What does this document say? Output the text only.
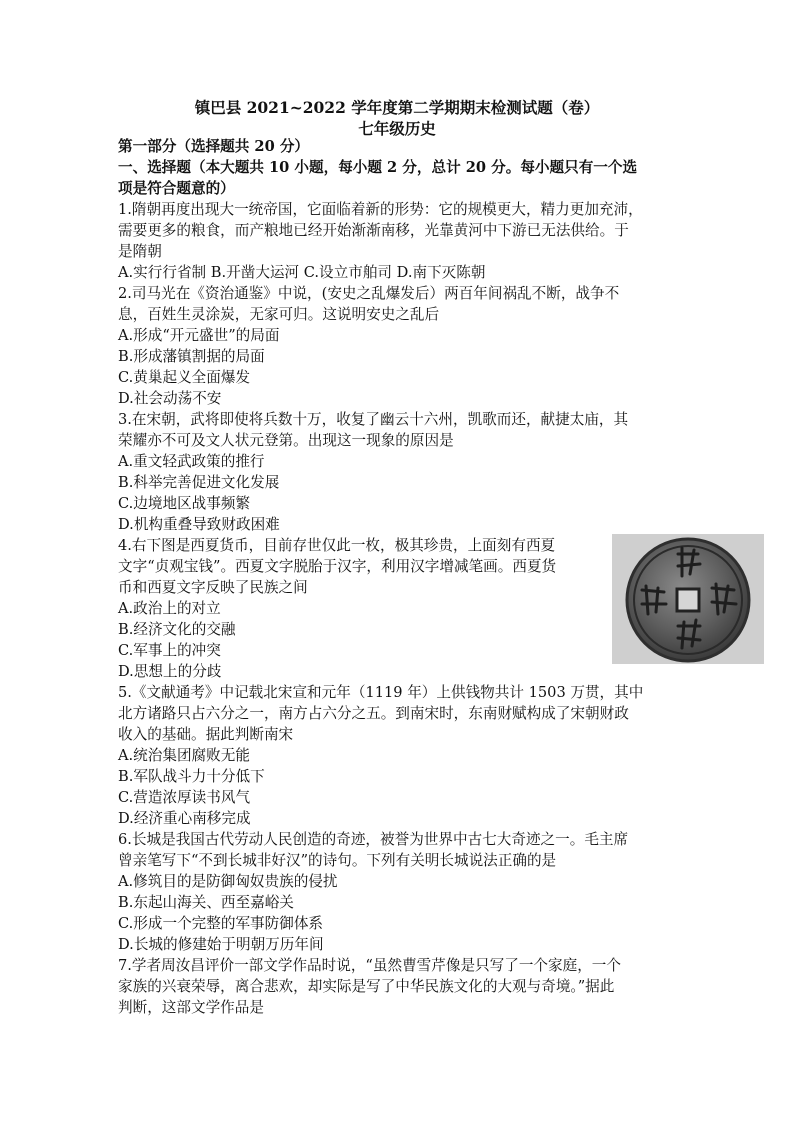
镇巴县 2021~2022 学年度第二学期期末检测试题（卷）
七年级历史
第一部分（选择题共 20 分）
一、选择题（本大题共 10 小题，每小题 2 分，总计 20 分。每小题只有一个选
项是符合题意的）
1.隋朝再度出现大一统帝国，它面临着新的形势：它的规模更大，精力更加充沛，
需要更多的粮食，而产粮地已经开始渐渐南移，光靠黄河中下游已无法供给。于
是隋朝
A.实行行省制 B.开凿大运河 C.设立市舶司 D.南下灭陈朝
2.司马光在《资治通鉴》中说，(安史之乱爆发后）两百年间祸乱不断，战争不
息，百姓生灵涂炭，无家可归。这说明安史之乱后
A.形成“开元盛世”的局面
B.形成藩镇割据的局面
C.黄巢起义全面爆发
D.社会动荡不安
3.在宋朝，武将即使将兵数十万，收复了幽云十六州，凯歌而还，献捷太庙，其
荣耀亦不可及文人状元登第。出现这一现象的原因是
A.重文轻武政策的推行
B.科举完善促进文化发展
C.边境地区战事频繁
D.机构重叠导致财政困难
4.右下图是西夏货币，目前存世仅此一枚，极其珍贵，上面刻有西夏
文字“贞观宝钱”。西夏文字脱胎于汉字，利用汉字增减笔画。西夏货
币和西夏文字反映了民族之间
A.政治上的对立
B.经济文化的交融
C.军事上的冲突
D.思想上的分歧
5.《文献通考》中记载北宋宣和元年（1119 年）上供钱物共计 1503 万贯，其中
北方诸路只占六分之一，南方占六分之五。到南宋时，东南财赋构成了宋朝财政
收入的基础。据此判断南宋
A.统治集团腐败无能
B.军队战斗力十分低下
C.营造浓厚读书风气
D.经济重心南移完成
6.长城是我国古代劳动人民创造的奇迹，被誉为世界中古七大奇迹之一。毛主席
曾亲笔写下“不到长城非好汉”的诗句。下列有关明长城说法正确的是
A.修筑目的是防御匈奴贵族的侵扰
B.东起山海关、西至嘉峪关
C.形成一个完整的军事防御体系
D.长城的修建始于明朝万历年间
7.学者周汝昌评价一部文学作品时说，“虽然曹雪芹像是只写了一个家庭，一个
家族的兴衰荣辱，离合悲欢，却实际是写了中华民族文化的大观与奇境。”据此
判断，这部文学作品是
